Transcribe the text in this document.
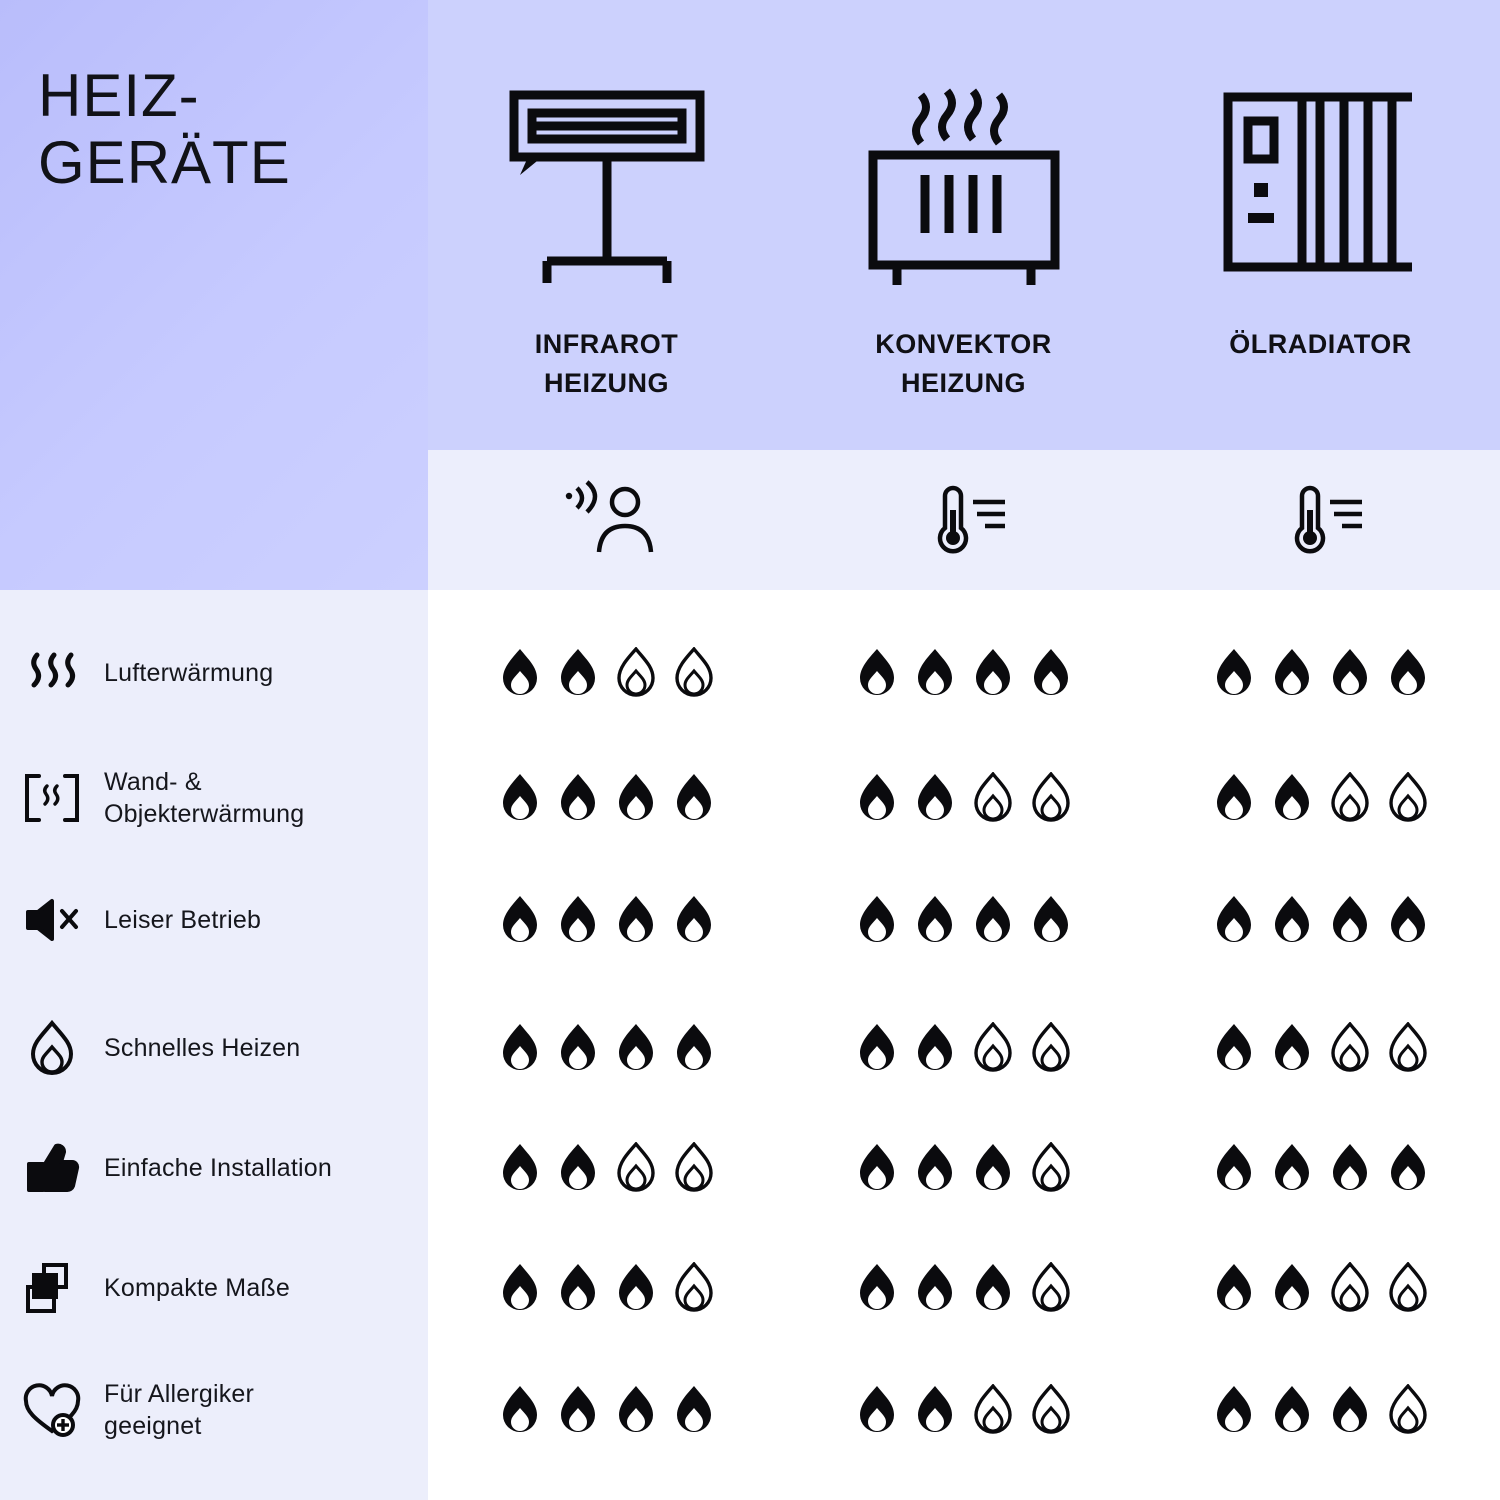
HEIZ-
GERÄTE
INFRAROT
HEIZUNG
KONVEKTOR
HEIZUNG
ÖLRADIATOR
Lufterwärmung
Wand- &
Objekterwärmung
Leiser Betrieb
Schnelles Heizen
Einfache Installation
Kompakte Maße
Für Allergiker
geeignet
